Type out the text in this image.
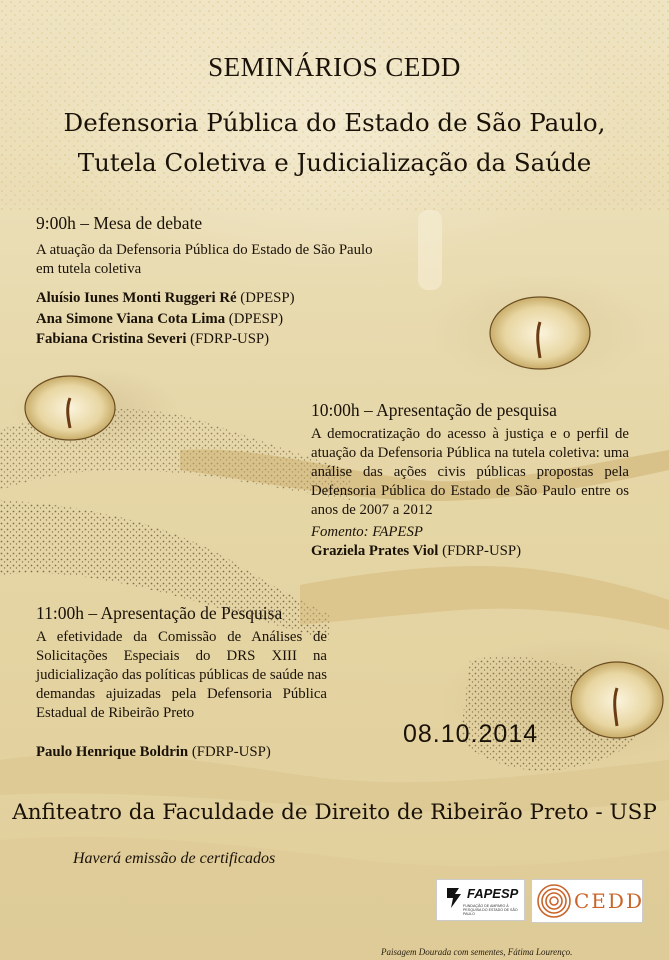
SEMINÁRIOS CEDD

Defensoria Pública do Estado de São Paulo,

Tutela Coletiva e Judicialização da Saúde

9:00h – Mesa de debate

A atuação da Defensoria Pública do Estado de São Paulo

em tutela coletiva

Aluísio Iunes Monti Ruggeri Ré (DPESP)

Ana Simone Viana Cota Lima (DPESP)

Fabiana Cristina Severi (FDRP-USP)

10:00h – Apresentação de pesquisa

A democratização do acesso à justiça e o perfil de atuação da Defensoria Pública na tutela coletiva: uma análise das ações civis públicas propostas pela Defensoria Pública do Estado de São Paulo entre os anos de 2007 a 2012

Fomento: FAPESP

Graziela Prates Viol (FDRP-USP)

11:00h – Apresentação de Pesquisa

A efetividade da Comissão de Análises de Solicitações Especiais do DRS XIII na judicialização das políticas públicas de saúde nas demandas ajuizadas pela Defensoria Pública Estadual de Ribeirão Preto

Paulo Henrique Boldrin (FDRP-USP)

08.10.2014

Anfiteatro da Faculdade de Direito de Ribeirão Preto - USP

Haverá emissão de certificados

FAPESP
FUNDAÇÃO DE AMPARO À PESQUISA DO ESTADO DE SÃO PAULO
CEDD

Paisagem Dourada com sementes, Fátima Lourenço.
